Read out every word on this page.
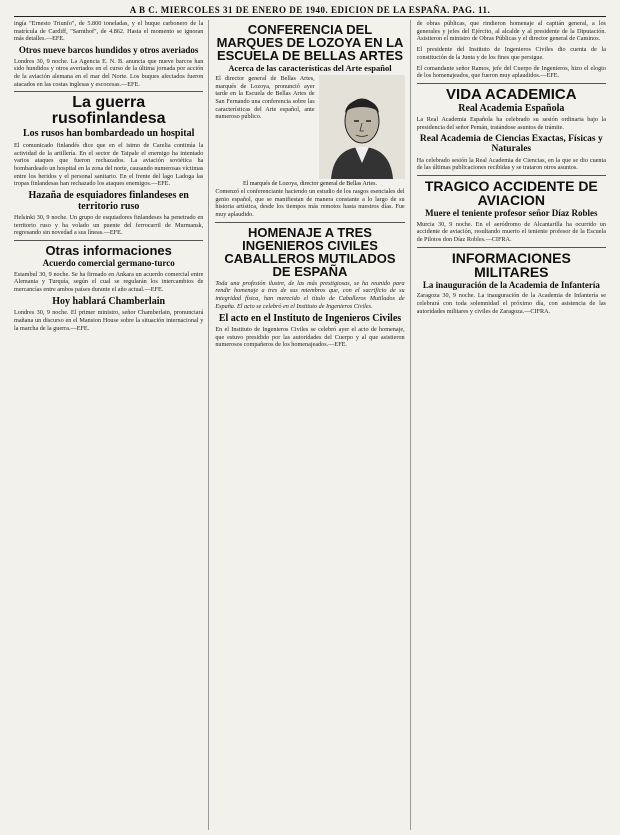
A B C. MIERCOLES 31 DE ENERO DE 1940. EDICION DE LA ESPAÑA. PAG. 11.

ingía "Ernesto Triunfo", de 5.800 toneladas, y el buque carbonero de la matrícula de Cardiff, "Sarnthof", de 4.862. Hasta el momento se ignoran más detalles.—EFE.

Otros nueve barcos hundidos y otros averiados

Londres 30, 9 noche. La Agencia E. N. B. anuncia que nueve barcos han sido hundidos y otros averiados en el curso de la última jornada por acción de la aviación alemana en el mar del Norte. Los buques afectados fueron atacados en las costas inglesas y escocesas.—EFE.

La guerra rusofinlandesa
Los rusos han bombardeado un hospital

El comunicado finlandés dice que en el istmo de Carelia continúa la actividad de la artillería. En el sector de Taipale el enemigo ha intentado varios ataques que fueron rechazados. La aviación soviética ha bombardeado un hospital en la zona del norte, causando numerosas víctimas entre los heridos y el personal sanitario. En el frente del lago Ladoga las tropas finlandesas han rechazado los ataques enemigos.—EFE.

Hazaña de esquiadores finlandeses en territorio ruso

Helsinki 30, 9 noche. Un grupo de esquiadores finlandeses ha penetrado en territorio ruso y ha volado un puente del ferrocarril de Murmansk, regresando sin novedad a sus líneas.—EFE.

Otras informaciones
Acuerdo comercial germano-turco

Estambul 30, 9 noche. Se ha firmado en Ankara un acuerdo comercial entre Alemania y Turquía, según el cual se regularán los intercambios de mercancías entre ambos países durante el año actual.—EFE.

Hoy hablará Chamberlain

Londres 30, 9 noche. El primer ministro, señor Chamberlain, pronunciará mañana un discurso en el Mansion House sobre la situación internacional y la marcha de la guerra.—EFE.

CONFERENCIA DEL MARQUES DE LOZOYA EN LA ESCUELA DE BELLAS ARTES
Acerca de las características del Arte español

El director general de Bellas Artes, marqués de Lozoya, pronunció ayer tarde en la Escuela de Bellas Artes de San Fernando una conferencia sobre las características del Arte español, ante numeroso público.

El marqués de Lozoya, director general de Bellas Artes.

Comenzó el conferenciante haciendo un estudio de los rasgos esenciales del genio español, que se manifiestan de manera constante a lo largo de su historia artística, desde los tiempos más remotos hasta nuestros días. Fue muy aplaudido.

HOMENAJE A TRES INGENIEROS CIVILES CABALLEROS MUTILADOS DE ESPAÑA

Toda una profesión ilustre, de las más prestigiosas, se ha reunido para rendir homenaje a tres de sus miembros que, con el sacrificio de su integridad física, han merecido el título de Caballeros Mutilados de España. El acto se celebró en el Instituto de Ingenieros Civiles.

El acto en el Instituto de Ingenieros Civiles

En el Instituto de Ingenieros Civiles se celebró ayer el acto de homenaje, que estuvo presidido por las autoridades del Cuerpo y al que asistieron numerosos compañeros de los homenajeados.—EFE.

de obras públicas, que rindieron homenaje al capitán general, a los generales y jefes del Ejército, al alcalde y al presidente de la Diputación. Asistieron el ministro de Obras Públicas y el director general de Caminos.

El presidente del Instituto de Ingenieros Civiles dio cuenta de la constitución de la Junta y de los fines que persigue.

El comandante señor Ramos, jefe del Cuerpo de Ingenieros, hizo el elogio de los homenajeados, que fueron muy aplaudidos.—EFE.

VIDA ACADEMICA
Real Academia Española

La Real Academia Española ha celebrado su sesión ordinaria bajo la presidencia del señor Pemán, tratándose asuntos de trámite.

Real Academia de Ciencias Exactas, Físicas y Naturales

Ha celebrado sesión la Real Academia de Ciencias, en la que se dio cuenta de las últimas publicaciones recibidas y se trataron otros asuntos.

TRAGICO ACCIDENTE DE AVIACION
Muere el teniente profesor señor Díaz Robles

Murcia 30, 9 noche. En el aeródromo de Alcantarilla ha ocurrido un accidente de aviación, resultando muerto el teniente profesor de la Escuela de Pilotos don Díaz Robles.—CIFRA.

INFORMACIONES MILITARES
La inauguración de la Academia de Infantería

Zaragoza 30, 9 noche. La inauguración de la Academia de Infantería se celebrará con toda solemnidad el próximo día, con asistencia de las autoridades militares y civiles de Zaragoza.—CIFRA.
